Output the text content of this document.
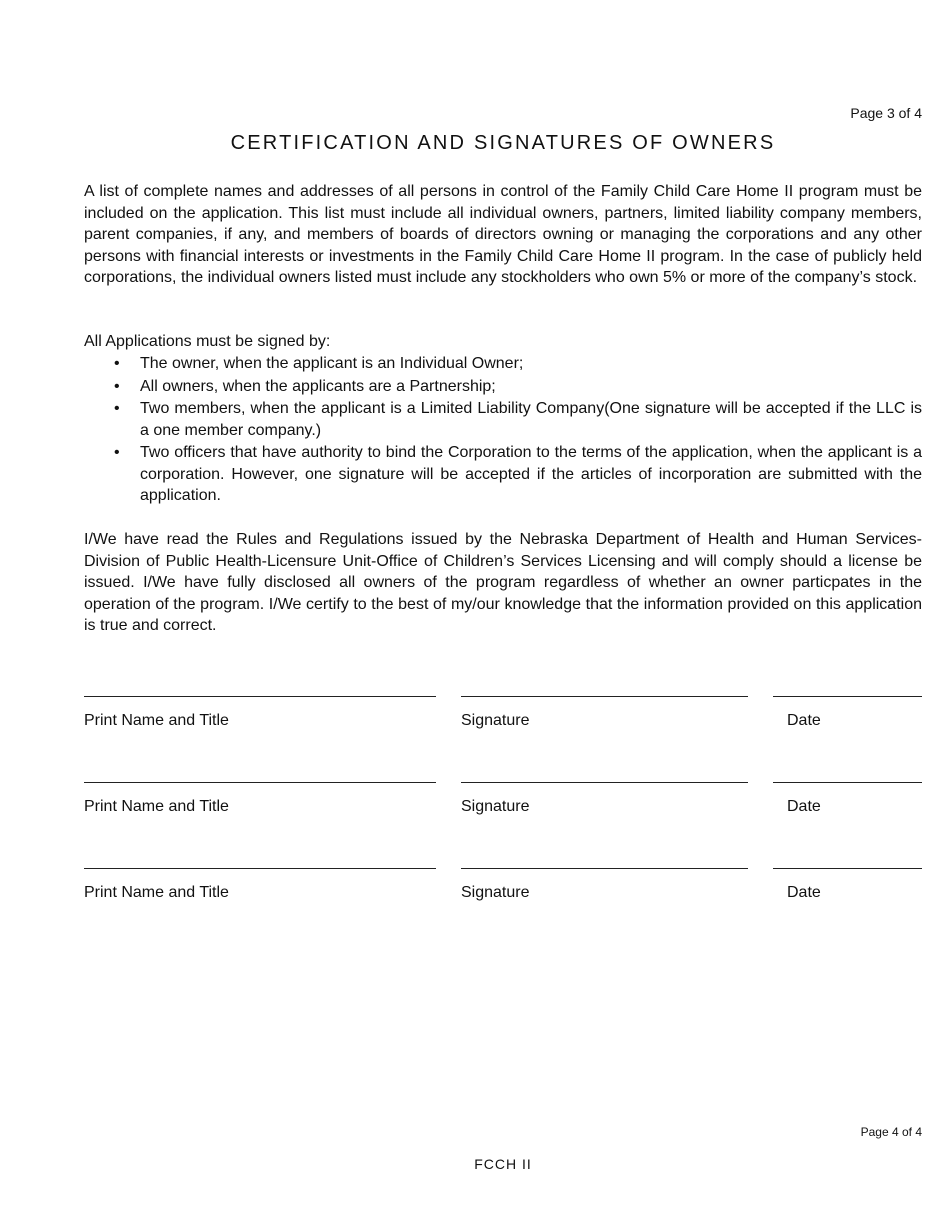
Page 3 of 4
CERTIFICATION AND SIGNATURES OF OWNERS

A list of complete names and addresses of all persons in control of the Family Child Care Home II program must be included on the application. This list must include all individual owners, partners, limited liability company members, parent companies, if any, and members of boards of directors owning or managing the corporations and any other persons with financial interests or investments in the Family Child Care Home II program. In the case of publicly held corporations, the individual owners listed must include any stockholders who own 5% or more of the company’s stock.

All Applications must be signed by:

• The owner, when the applicant is an Individual Owner;
• All owners, when the applicants are a Partnership;
• Two members, when the applicant is a Limited Liability Company(One signature will be accepted if the LLC is a one member company.)
• Two officers that have authority to bind the Corporation to the terms of the application, when the applicant is a corporation. However, one signature will be accepted if the articles of incorporation are submitted with the application.

I/We have read the Rules and Regulations issued by the Nebraska Department of Health and Human Services-Division of Public Health-Licensure Unit-Office of Children’s Services Licensing and will comply should a license be issued. I/We have fully disclosed all owners of the program regardless of whether an owner particpates in the operation of the program. I/We certify to the best of my/our knowledge that the information provided on this application is true and correct.

Print Name and Title	Signature	Date
Print Name and Title	Signature	Date
Print Name and Title	Signature	Date
Page 4 of 4
FCCH II
